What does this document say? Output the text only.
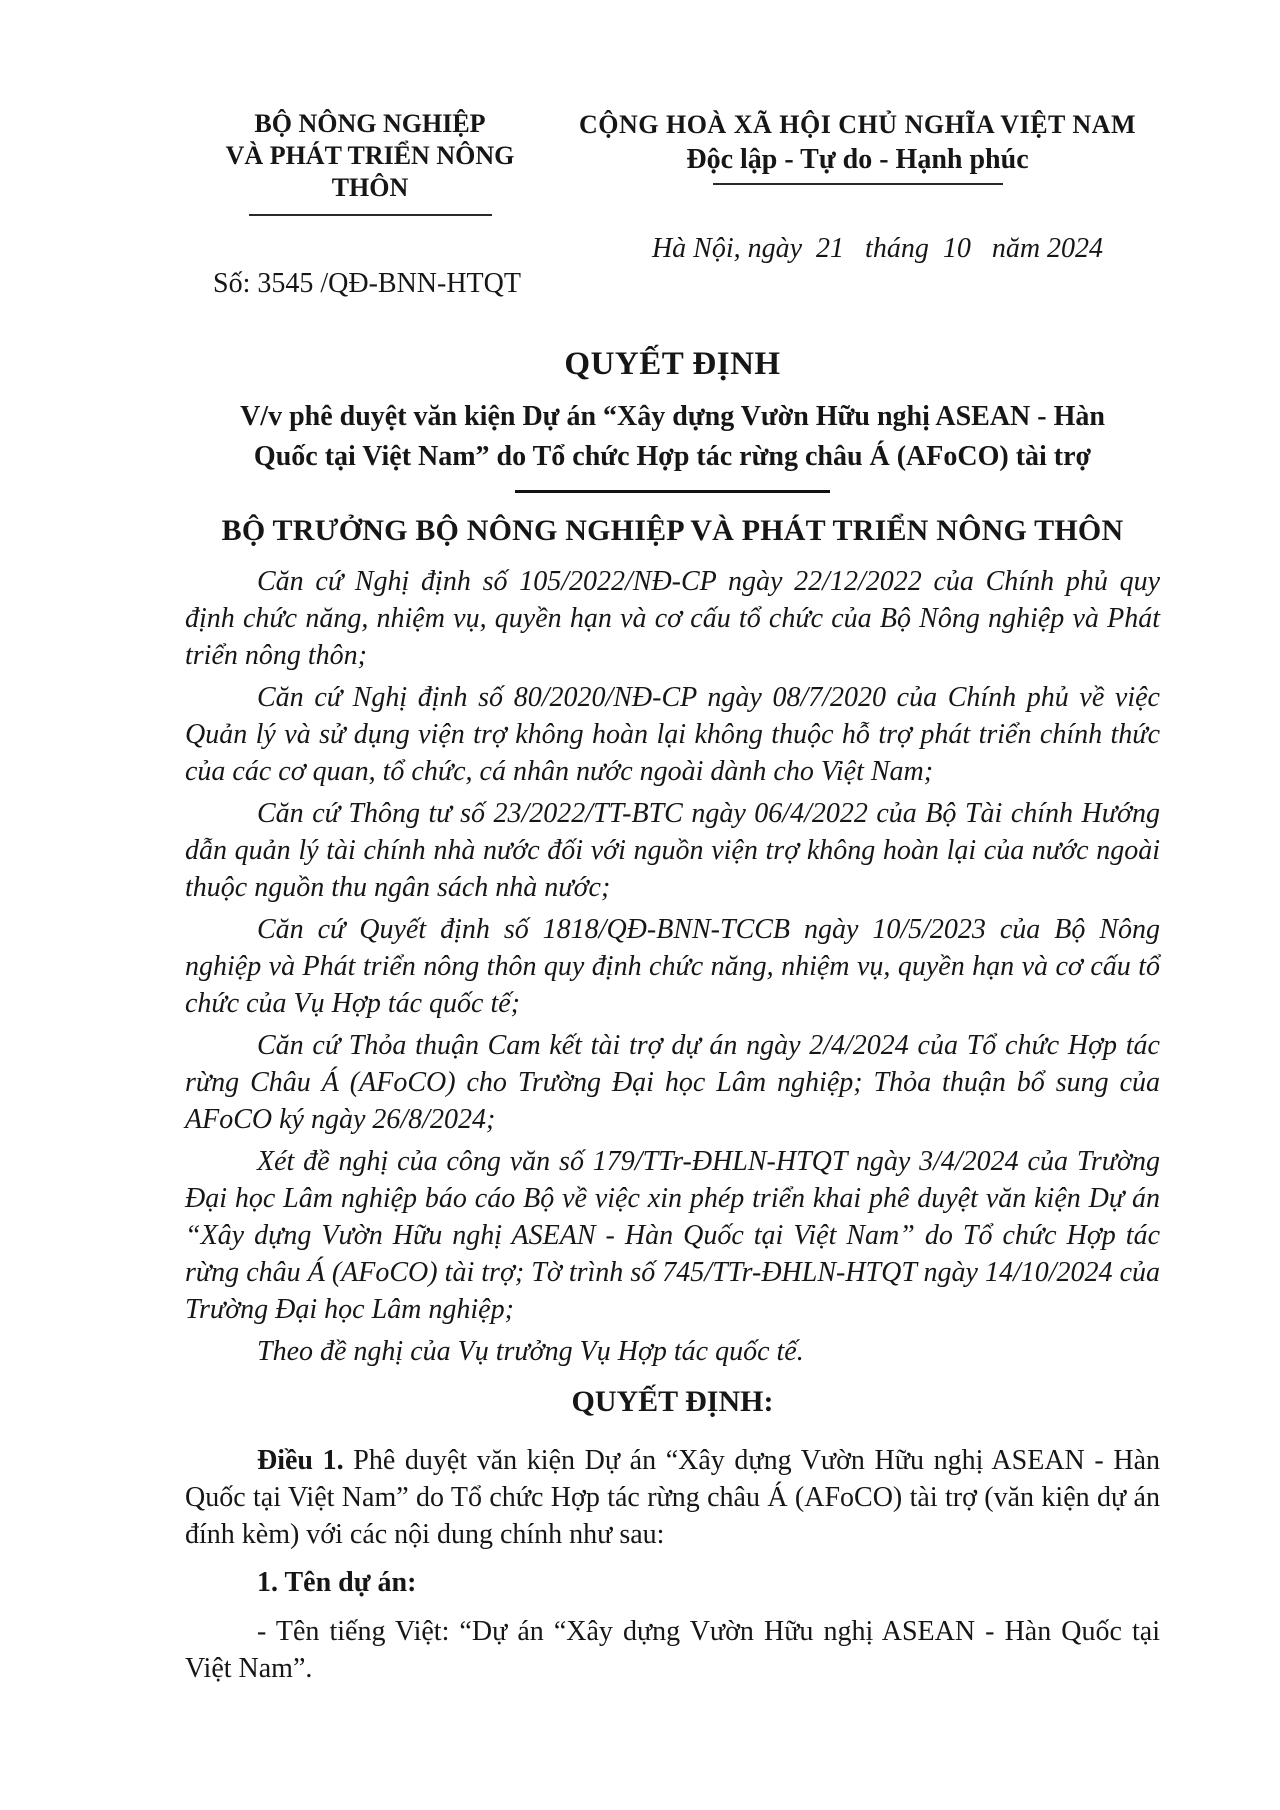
BỘ NÔNG NGHIỆP
VÀ PHÁT TRIỂN NÔNG THÔN
Số: 3545 /QĐ-BNN-HTQT
CỘNG HOÀ XÃ HỘI CHỦ NGHĨA VIỆT NAM
Độc lập - Tự do - Hạnh phúc
Hà Nội, ngày  21   tháng  10   năm 2024
QUYẾT ĐỊNH
V/v phê duyệt văn kiện Dự án “Xây dựng Vườn Hữu nghị ASEAN - Hàn Quốc tại Việt Nam” do Tổ chức Hợp tác rừng châu Á (AFoCO) tài trợ
BỘ TRƯỞNG BỘ NÔNG NGHIỆP VÀ PHÁT TRIỂN NÔNG THÔN

Căn cứ Nghị định số 105/2022/NĐ-CP ngày 22/12/2022 của Chính phủ quy định chức năng, nhiệm vụ, quyền hạn và cơ cấu tổ chức của Bộ Nông nghiệp và Phát triển nông thôn;

Căn cứ Nghị định số 80/2020/NĐ-CP ngày 08/7/2020 của Chính phủ về việc Quản lý và sử dụng viện trợ không hoàn lại không thuộc hỗ trợ phát triển chính thức của các cơ quan, tổ chức, cá nhân nước ngoài dành cho Việt Nam;

Căn cứ Thông tư số 23/2022/TT-BTC ngày 06/4/2022 của Bộ Tài chính Hướng dẫn quản lý tài chính nhà nước đối với nguồn viện trợ không hoàn lại của nước ngoài thuộc nguồn thu ngân sách nhà nước;

Căn cứ Quyết định số 1818/QĐ-BNN-TCCB ngày 10/5/2023 của Bộ Nông nghiệp và Phát triển nông thôn quy định chức năng, nhiệm vụ, quyền hạn và cơ cấu tổ chức của Vụ Hợp tác quốc tế;

Căn cứ Thỏa thuận Cam kết tài trợ dự án ngày 2/4/2024 của Tổ chức Hợp tác rừng Châu Á (AFoCO) cho Trường Đại học Lâm nghiệp; Thỏa thuận bổ sung của AFoCO ký ngày 26/8/2024;

Xét đề nghị của công văn số 179/TTr-ĐHLN-HTQT ngày 3/4/2024 của Trường Đại học Lâm nghiệp báo cáo Bộ về việc xin phép triển khai phê duyệt văn kiện Dự án “Xây dựng Vườn Hữu nghị ASEAN - Hàn Quốc tại Việt Nam” do Tổ chức Hợp tác rừng châu Á (AFoCO) tài trợ; Tờ trình số 745/TTr-ĐHLN-HTQT ngày 14/10/2024 của Trường Đại học Lâm nghiệp;

Theo đề nghị của Vụ trưởng Vụ Hợp tác quốc tế.

QUYẾT ĐỊNH:

Điều 1. Phê duyệt văn kiện Dự án “Xây dựng Vườn Hữu nghị ASEAN - Hàn Quốc tại Việt Nam” do Tổ chức Hợp tác rừng châu Á (AFoCO) tài trợ (văn kiện dự án đính kèm) với các nội dung chính như sau:

1. Tên dự án:

- Tên tiếng Việt: “Dự án “Xây dựng Vườn Hữu nghị ASEAN - Hàn Quốc tại Việt Nam”.
